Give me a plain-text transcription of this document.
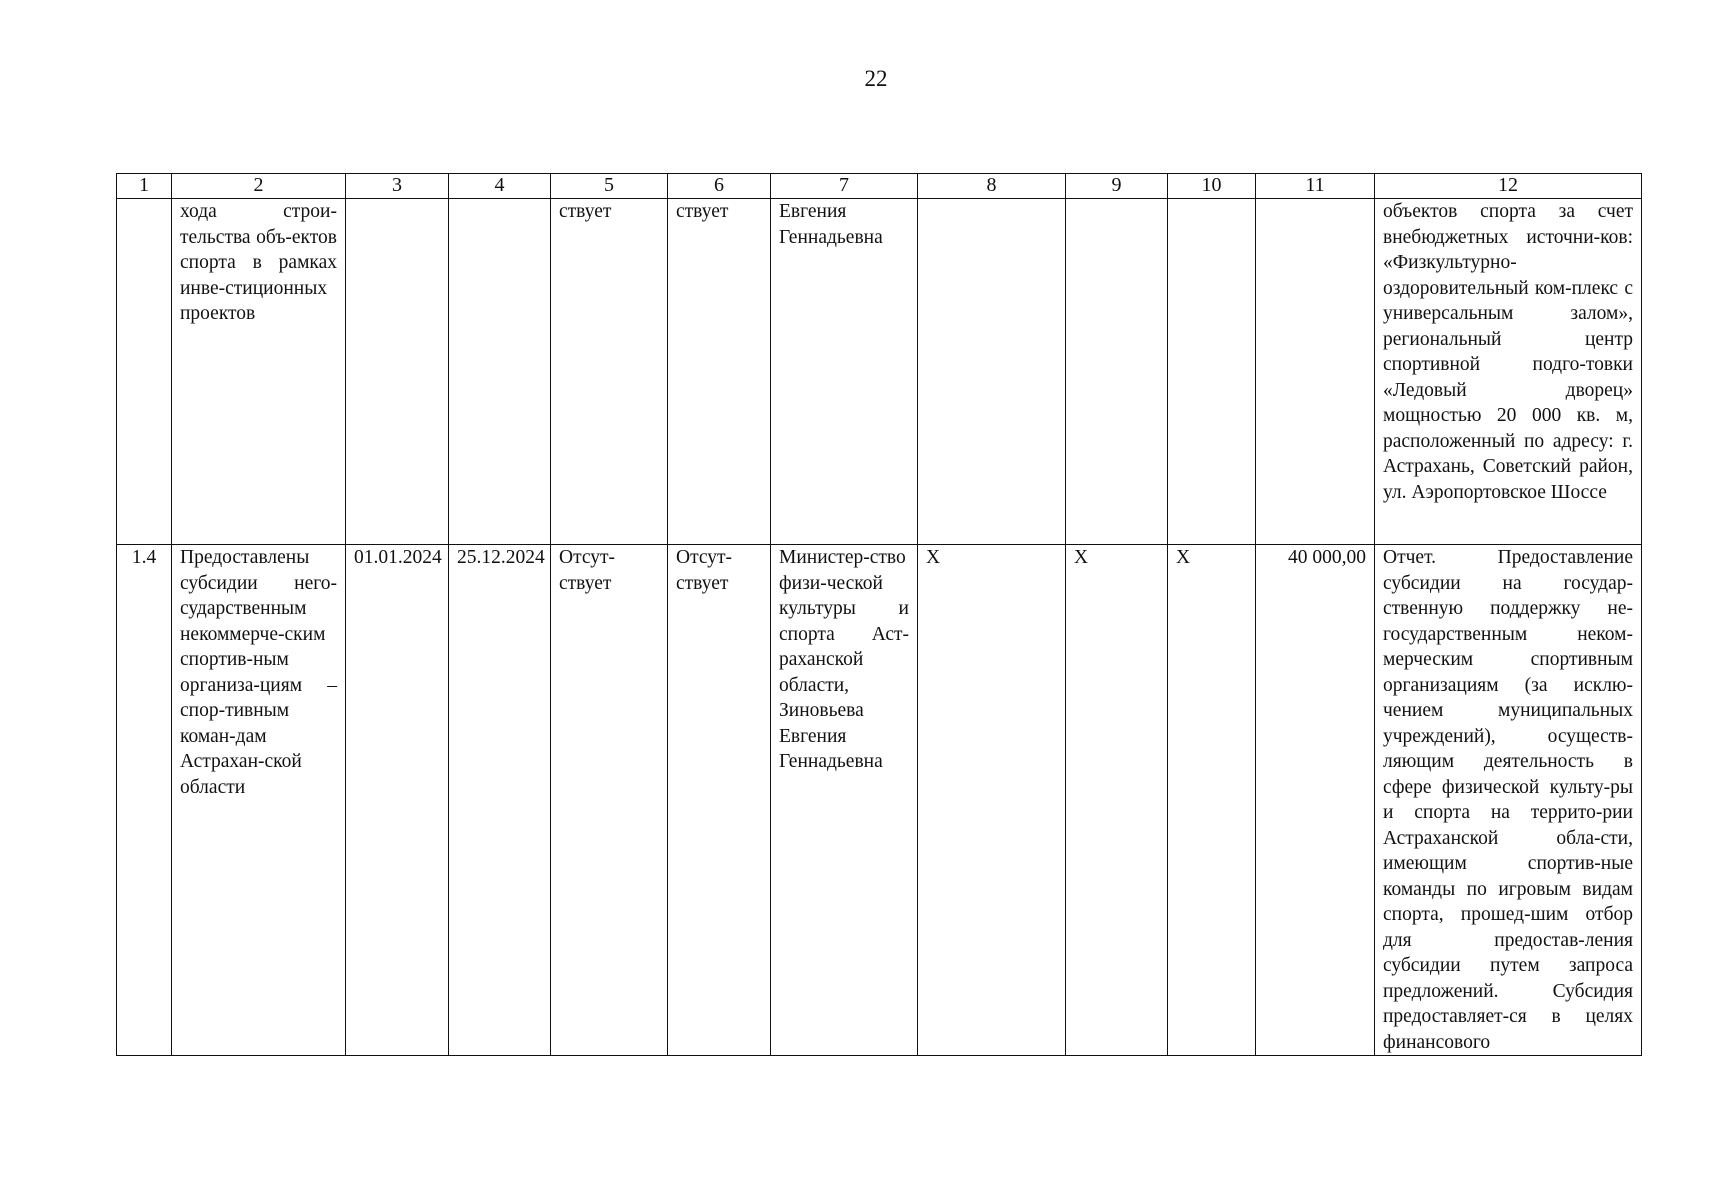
22
1	2	3	4	5	6	7	8	9	10	11	12
	хода строи-тельства объ-ектов спорта в рамках инве-стиционных проектов			ствует	ствует	Евгения Геннадьевна					объектов спорта за счет внебюджетных источни-ков: «Физкультурно-оздоровительный ком-плекс с универсальным залом», региональный центр спортивной подго-товки «Ледовый дворец» мощностью 20 000 кв. м, расположенный по адресу: г. Астрахань, Советский район, ул. Аэропортовское Шоссе
1.4	Предоставлены субсидии него-сударственным некоммерче-ским спортив-ным организа-циям – спор-тивным коман-дам Астрахан-ской области	01.01.2024	25.12.2024	Отсут-ствует	Отсут-ствует	Министер-ство физи-ческой культуры и спорта Аст-раханской области, Зиновьева Евгения Геннадьевна	Х	Х	Х	40 000,00	Отчет. Предоставление субсидии на государ-ственную поддержку не-государственным неком-мерческим спортивным организациям (за исклю-чением муниципальных учреждений), осуществ-ляющим деятельность в сфере физической культу-ры и спорта на террито-рии Астраханской обла-сти, имеющим спортив-ные команды по игровым видам спорта, прошед-шим отбор для предостав-ления субсидии путем запроса предложений. Субсидия предоставляет-ся в целях финансового
